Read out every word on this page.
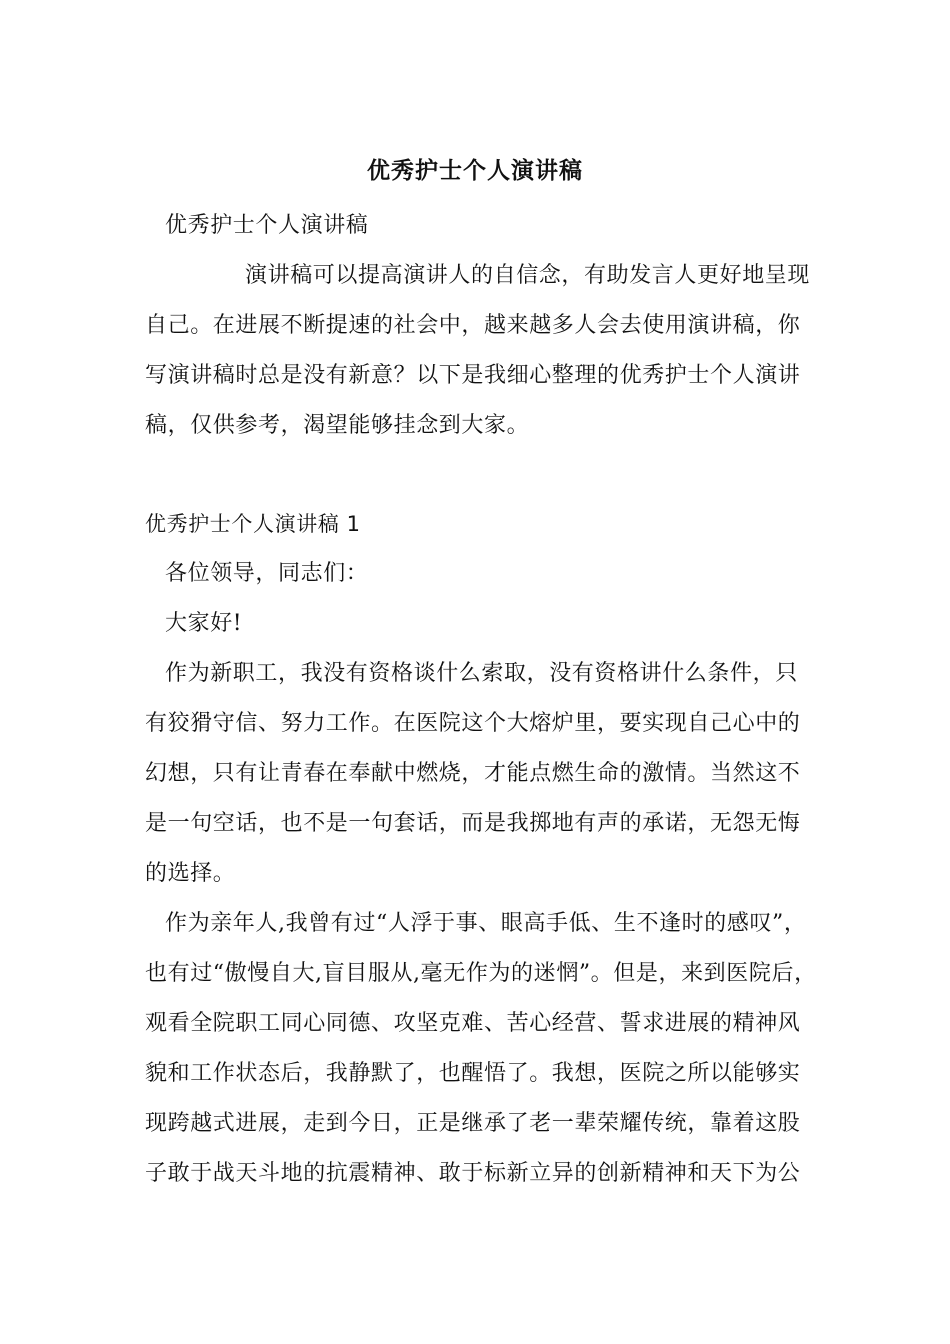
优秀护士个人演讲稿
优秀护士个人演讲稿
演讲稿可以提高演讲人的自信念，有助发言人更好地呈现
自己。在进展不断提速的社会中，越来越多人会去使用演讲稿，你
写演讲稿时总是没有新意？以下是我细心整理的优秀护士个人演讲
稿，仅供参考，渴望能够挂念到大家。
优秀护士个人演讲稿 1
各位领导，同志们：
大家好!
作为新职工，我没有资格谈什么索取，没有资格讲什么条件，只
有狡猾守信、努力工作。在医院这个大熔炉里，要实现自己心中的
幻想，只有让青春在奉献中燃烧，才能点燃生命的激情。当然这不
是一句空话，也不是一句套话，而是我掷地有声的承诺，无怨无悔
的选择。
作为亲年人,我曾有过“人浮于事、眼高手低、生不逢时的感叹”，
也有过“傲慢自大,盲目服从,毫无作为的迷惘”。但是，来到医院后，
观看全院职工同心同德、攻坚克难、苦心经营、誓求进展的精神风
貌和工作状态后，我静默了，也醒悟了。我想，医院之所以能够实
现跨越式进展，走到今日，正是继承了老一辈荣耀传统，靠着这股
子敢于战天斗地的抗震精神、敢于标新立异的创新精神和天下为公
